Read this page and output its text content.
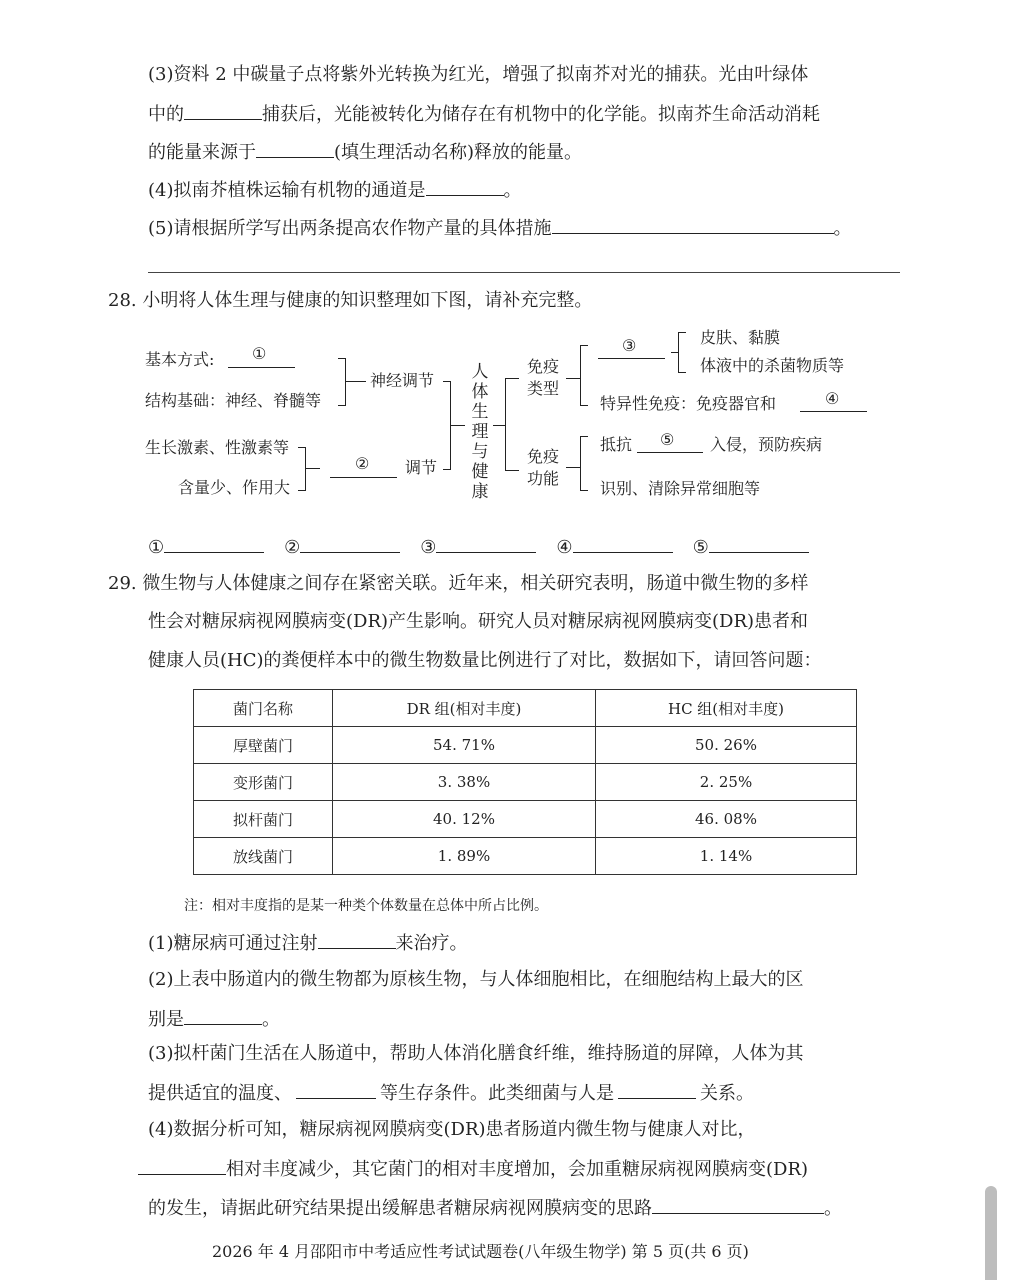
(3)资料 2 中碳量子点将紫外光转换为红光，增强了拟南芥对光的捕获。光由叶绿体
中的	捕获后，光能被转化为储存在有机物中的化学能。拟南芥生命活动消耗
的能量来源于	(填生理活动名称)释放的能量。
(4)拟南芥植株运输有机物的通道是	。
(5)请根据所学写出两条提高农作物产量的具体措施	。
28. 小明将人体生理与健康的知识整理如下图，请补充完整。
基本方式: ①
结构基础：神经、脊髓等
神经调节
生长激素、性激素等
含量少、作用大
② 调节
人
体
生
理
与
健
康
免疫
类型
免疫
功能
③	皮肤、黏膜
体液中的杀菌物质等
特异性免疫：免疫器官和	④
抵抗 ⑤ 入侵，预防疾病
识别、清除异常细胞等
①	②	③	④	⑤
29. 微生物与人体健康之间存在紧密关联。近年来，相关研究表明，肠道中微生物的多样
性会对糖尿病视网膜病变(DR)产生影响。研究人员对糖尿病视网膜病变(DR)患者和
健康人员(HC)的粪便样本中的微生物数量比例进行了对比，数据如下，请回答问题：
菌门名称	DR 组(相对丰度)	HC 组(相对丰度)
厚壁菌门	54. 71%	50. 26%
变形菌门	3. 38%	2. 25%
拟杆菌门	40. 12%	46. 08%
放线菌门	1. 89%	1. 14%
注：相对丰度指的是某一种类个体数量在总体中所占比例。
(1)糖尿病可通过注射	来治疗。
(2)上表中肠道内的微生物都为原核生物，与人体细胞相比，在细胞结构上最大的区
别是	。
(3)拟杆菌门生活在人肠道中，帮助人体消化膳食纤维，维持肠道的屏障，人体为其
提供适宜的温度、	等生存条件。此类细菌与人是	关系。
(4)数据分析可知，糖尿病视网膜病变(DR)患者肠道内微生物与健康人对比，
相对丰度减少，其它菌门的相对丰度增加，会加重糖尿病视网膜病变(DR)
的发生，请据此研究结果提出缓解患者糖尿病视网膜病变的思路	。
2026 年 4 月邵阳市中考适应性考试试题卷(八年级生物学) 第 5 页(共 6 页)
